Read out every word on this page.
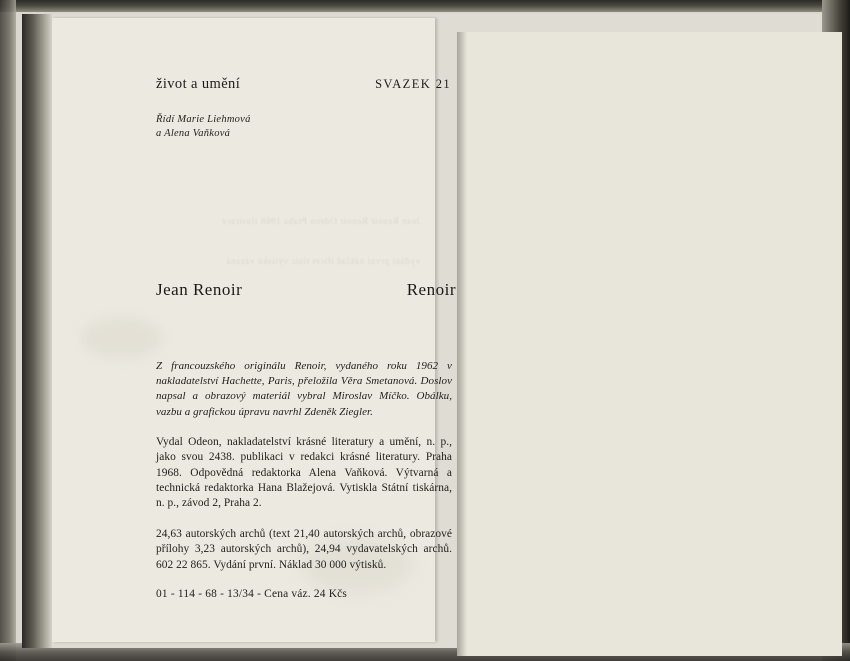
Jean Renoir Renoir Odeon Praha 1968 ilustrace
vydání první náklad třicet tisíc výtisků vázaná
život a umění	SVAZEK 21
Řídí Marie Liehmová
a Alena Vaňková
Jean Renoir	Renoir

Z francouzského originálu Renoir, vydaného roku 1962 v nakladatelství Hachette, Paris, přeložila Věra Smetanová. Doslov napsal a obrazový materiál vybral Miroslav Míčko. Obálku, vazbu a grafickou úpravu navrhl Zdeněk Ziegler.

Vydal Odeon, nakladatelství krásné literatury a umění, n. p., jako svou 2438. publikaci v redakci krásné literatury. Praha 1968. Odpovědná redaktorka Alena Vaňková. Výtvarná a technická redaktorka Hana Blažejová. Vytiskla Státní tiskárna, n. p., závod 2, Praha 2.

24,63 autorských archů (text 21,40 autorských archů, obrazové přílohy 3,23 autorských archů), 24,94 vydavatelských archů. 602 22 865. Vydání první. Náklad 30 000 výtisků.

01 - 114 - 68 - 13/34 - Cena váz. 24 Kčs
